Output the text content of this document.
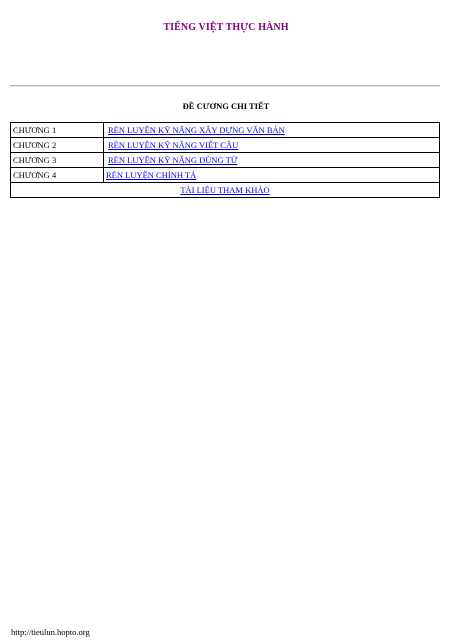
TIẾNG VIỆT THỰC HÀNH
ĐỀ CƯƠNG CHI TIẾT
CHƯƠNG 1	RÈN LUYỆN KỸ NĂNG XÂY DỰNG VĂN BẢN
CHƯƠNG 2	RÈN LUYỆN KỸ NĂNG VIẾT CÂU
CHƯƠNG 3	RÈN LUYỆN KỸ NĂNG DÙNG TỪ
CHƯƠNG 4	RÈN LUYỆN CHÍNH TẢ
TÀI LIỆU THAM KHẢO	
http://tieulun.hopto.org
